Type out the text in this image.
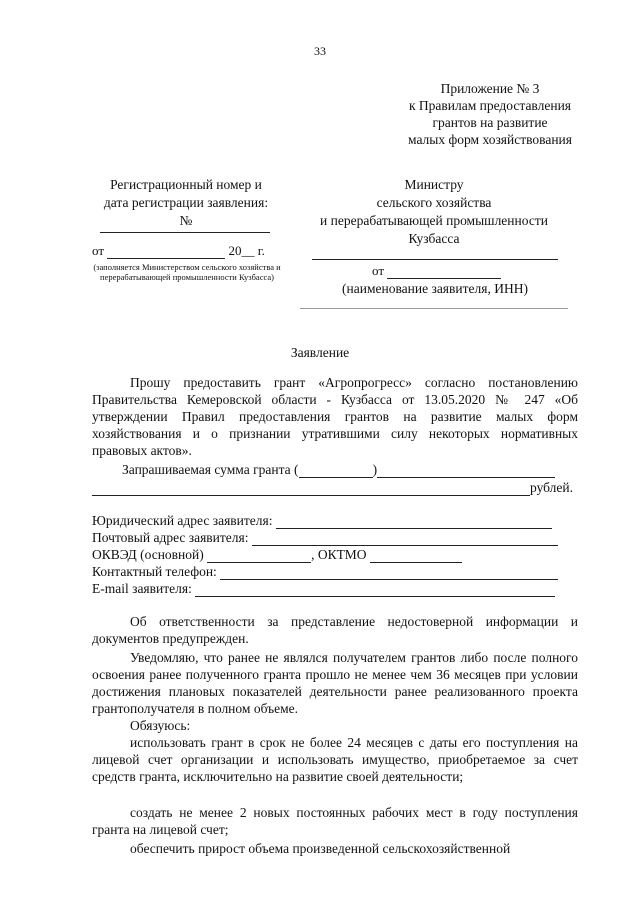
33
Приложение № 3
к Правилам предоставления
грантов на развитие
малых форм хозяйствования
Регистрационный номер и
дата регистрации заявления:
№
от	20__ г.
(заполняется Министерством сельского хозяйства и перерабатывающей промышленности Кузбасса)
Министру
сельского хозяйства
и перерабатывающей промышленности
Кузбасса
от
(наименование заявителя, ИНН)
Заявление
Прошу предоставить грант «Агропрогресс» согласно постановлению Правительства Кемеровской области - Кузбасса от 13.05.2020 № 247 «Об утверждении Правил предоставления грантов на развитие малых форм хозяйствования и о признании утратившими силу некоторых нормативных правовых актов».
Запрашиваемая сумма гранта (	)
рублей.
Юридический адрес заявителя:
Почтовый адрес заявителя:
ОКВЭД (основной)	, ОКТМО
Контактный телефон:
E-mail заявителя:
Об ответственности за представление недостоверной информации и документов предупрежден.
Уведомляю, что ранее не являлся получателем грантов либо после полного освоения ранее полученного гранта прошло не менее чем 36 месяцев при условии достижения плановых показателей деятельности ранее реализованного проекта грантополучателя в полном объеме.
Обязуюсь:
использовать грант в срок не более 24 месяцев с даты его поступления на лицевой счет организации и использовать имущество, приобретаемое за счет средств гранта, исключительно на развитие своей деятельности;
создать не менее 2 новых постоянных рабочих мест в году поступления гранта на лицевой счет;
обеспечить прирост объема произведенной сельскохозяйственной
